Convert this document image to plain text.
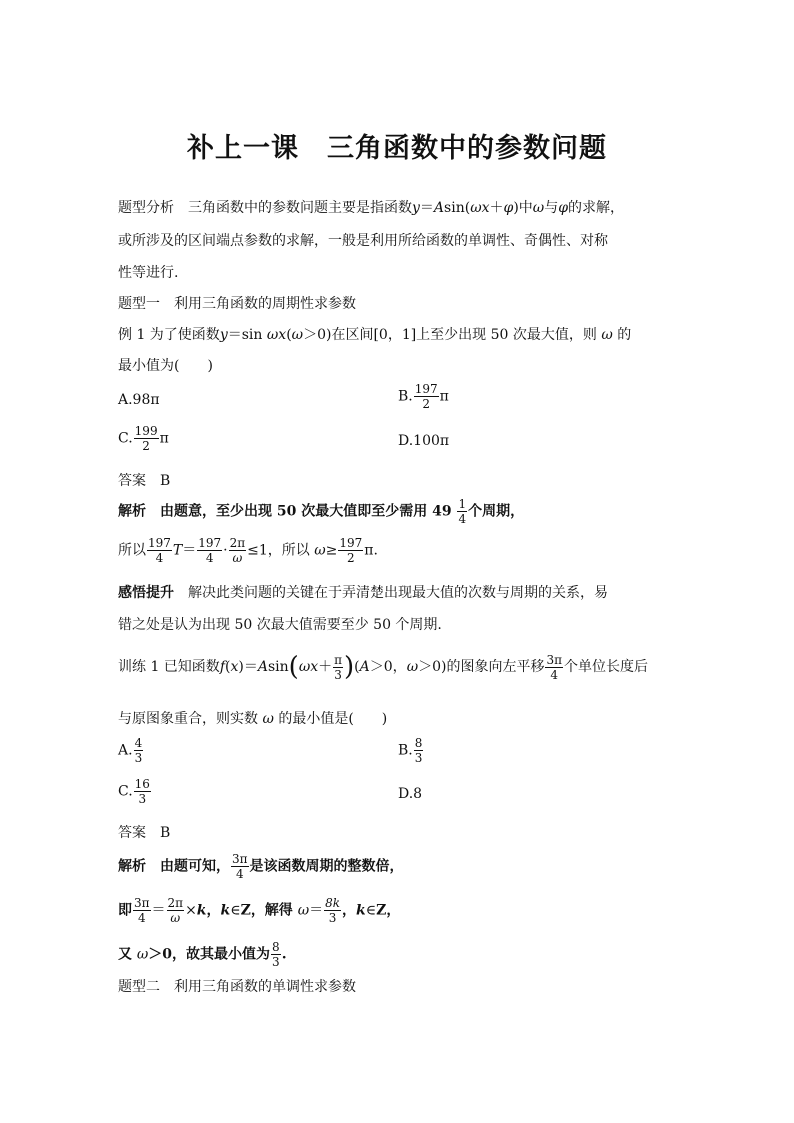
补上一课　三角函数中的参数问题
题型分析　三角函数中的参数问题主要是指函数y＝Asin(ωx＋φ)中ω与φ的求解，
或所涉及的区间端点参数的求解，一般是利用所给函数的单调性、奇偶性、对称
性等进行.
题型一　利用三角函数的周期性求参数
例 1 为了使函数y＝sin ωx(ω＞0)在区间[0，1]上至少出现 50 次最大值，则 ω 的
最小值为(　　)
A.98π	B. $\frac{197}{2}$ π
C. $\frac{199}{2}$ π	D.100π
答案　B
解析　由题意，至少出现 50 次最大值即至少需用 $49 \frac{1}{4}$ 个周期，
所以 $\frac{197}{4} T= \frac{197}{4} \cdot \frac{2\pi}{\omega} \le 1$，所以 $\omega\ge \frac{197}{2} \pi$.
感悟提升　解决此类问题的关键在于弄清楚出现最大值的次数与周期的关系，易
错之处是认为出现 50 次最大值需要至少 50 个周期.
训练 1 已知函数$f(x)=Asin(\omega x+ \frac{\pi}{3} )(A>0$，ω＞0)的图象向左平移 $\frac{3\pi}{4}$ 个单位长度后
与原图象重合，则实数 ω 的最小值是(　　)
A. $\frac{4}{3}$	B. $\frac{8}{3}$
C. $\frac{16}{3}$	D.8
答案　B
解析　由题可知， $\frac{3\pi}{4}$ 是该函数周期的整数倍，
即 $\frac{3\pi}{4} = \frac{2\pi}{\omega} \times k$，k∈Z，解得 $\omega= \frac{8k}{3}$ ，k∈Z，
又 ω＞0，故其最小值为 $\frac{8}{3}$ .
题型二　利用三角函数的单调性求参数
